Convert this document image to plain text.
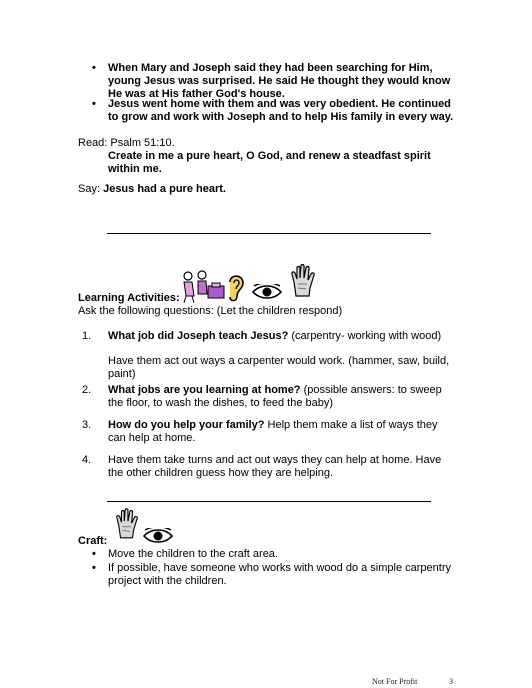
• When Mary and Joseph said they had been searching for Him, young Jesus was surprised. He said He thought they would know He was at His father God's house.
• Jesus went home with them and was very obedient. He continued to grow and work with Joseph and to help His family in every way.
Read: Psalm 51:10.
Create in me a pure heart, O God, and renew a steadfast spirit within me.
Say: Jesus had a pure heart.
Learning Activities:
Ask the following questions: (Let the children respond)
1. What job did Joseph teach Jesus? (carpentry- working with wood)
Have them act out ways a carpenter would work. (hammer, saw, build, paint)
2. What jobs are you learning at home? (possible answers: to sweep the floor, to wash the dishes, to feed the baby)
3. How do you help your family? Help them make a list of ways they can help at home.
4. Have them take turns and act out ways they can help at home. Have the other children guess how they are helping.
Craft:
• Move the children to the craft area.
• If possible, have someone who works with wood do a simple carpentry project with the children.
Not For Profit	3
